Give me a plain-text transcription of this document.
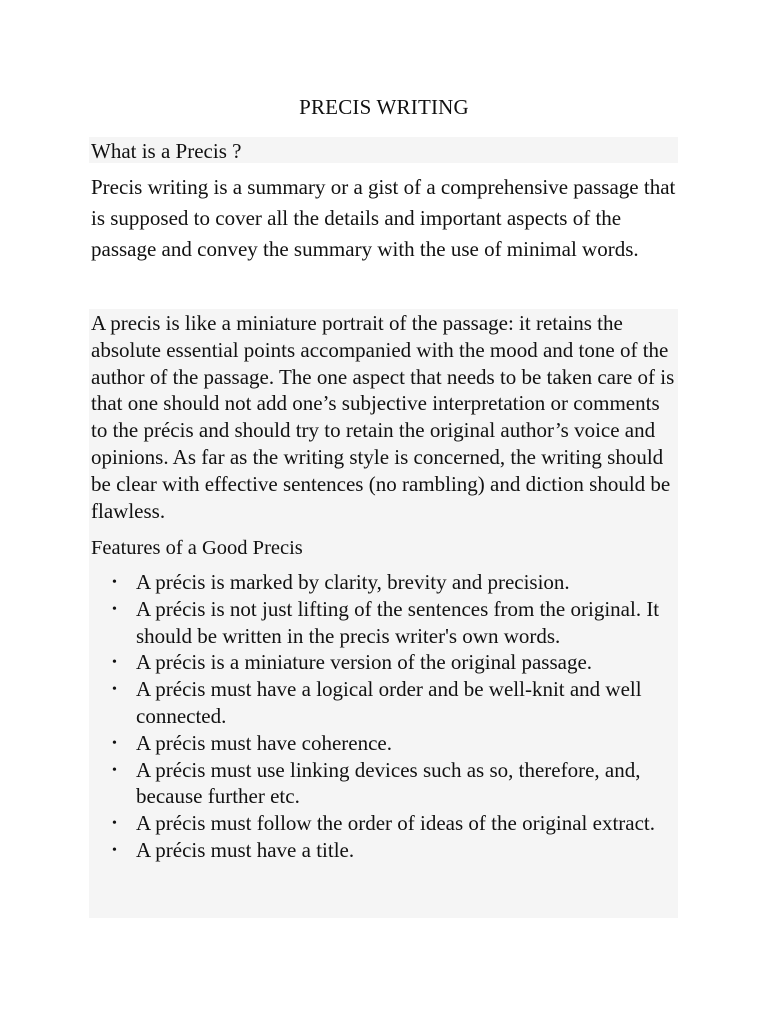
PRECIS WRITING
What is a Precis ?

Precis writing is a summary or a gist of a comprehensive passage that is supposed to cover all the details and important aspects of the passage and convey the summary with the use of minimal words.

A precis is like a miniature portrait of the passage: it retains the absolute essential points accompanied with the mood and tone of the author of the passage. The one aspect that needs to be taken care of is that one should not add one’s subjective interpretation or comments to the précis and should try to retain the original author’s voice and opinions. As far as the writing style is concerned, the writing should be clear with effective sentences (no rambling) and diction should be flawless.

Features of a Good Precis

• A précis is marked by clarity, brevity and precision.
• A précis is not just lifting of the sentences from the original. It should be written in the precis writer's own words.
• A précis is a miniature version of the original passage.
• A précis must have a logical order and be well-knit and well connected.
• A précis must have coherence.
• A précis must use linking devices such as so, therefore, and, because further etc.
• A précis must follow the order of ideas of the original extract.
• A précis must have a title.
